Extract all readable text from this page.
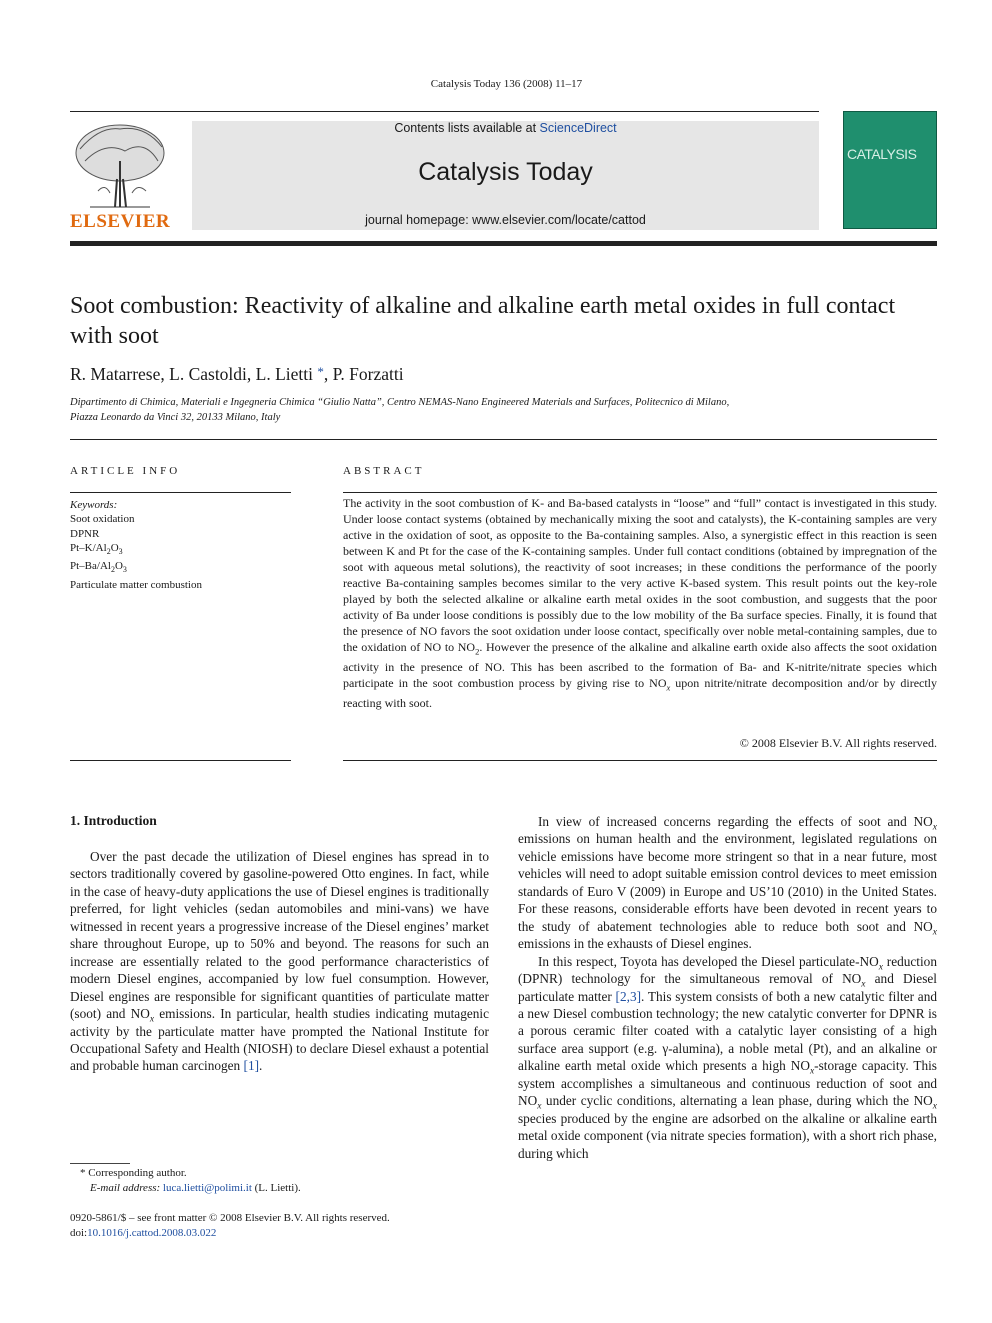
Catalysis Today 136 (2008) 11–17
Contents lists available at ScienceDirect
Catalysis Today
journal homepage: www.elsevier.com/locate/cattod
ELSEVIER
CATALYSIS
Soot combustion: Reactivity of alkaline and alkaline earth metal oxides in full contact with soot
R. Matarrese, L. Castoldi, L. Lietti *, P. Forzatti
Dipartimento di Chimica, Materiali e Ingegneria Chimica “Giulio Natta”, Centro NEMAS-Nano Engineered Materials and Surfaces, Politecnico di Milano,
Piazza Leonardo da Vinci 32, 20133 Milano, Italy
ARTICLE INFO
Keywords:
Soot oxidation
DPNR
$Pt-K/Al_2O_3$
$Pt-Ba/Al_2O_3$
Particulate matter combustion
ABSTRACT
The activity in the soot combustion of K- and Ba-based catalysts in “loose” and “full” contact is investigated in this study. Under loose contact systems (obtained by mechanically mixing the soot and catalysts), the K-containing samples are very active in the oxidation of soot, as opposite to the Ba-containing samples. Also, a synergistic effect in this reaction is seen between K and Pt for the case of the K-containing samples. Under full contact conditions (obtained by impregnation of the soot with aqueous metal solutions), the reactivity of soot increases; in these conditions the performance of the poorly reactive Ba-containing samples becomes similar to the very active K-based system. This result points out the key-role played by both the selected alkaline or alkaline earth metal oxides in the soot combustion, and suggests that the poor activity of Ba under loose conditions is possibly due to the low mobility of the Ba surface species. Finally, it is found that the presence of NO favors the soot oxidation under loose contact, specifically over noble metal-containing samples, due to the oxidation of NO to $NO_2$. However the presence of the alkaline and alkaline earth oxide also affects the soot oxidation activity in the presence of NO. This has been ascribed to the formation of Ba- and K-nitrite/nitrate species which participate in the soot combustion process by giving rise to $NO_x$ upon nitrite/nitrate decomposition and/or by directly reacting with soot.
© 2008 Elsevier B.V. All rights reserved.
1. Introduction

Over the past decade the utilization of Diesel engines has spread in to sectors traditionally covered by gasoline-powered Otto engines. In fact, while in the case of heavy-duty applications the use of Diesel engines is traditionally preferred, for light vehicles (sedan automobiles and mini-vans) we have witnessed in recent years a progressive increase of the Diesel engines’ market share throughout Europe, up to 50% and beyond. The reasons for such an increase are essentially related to the good performance characteristics of modern Diesel engines, accompanied by low fuel consumption. However, Diesel engines are responsible for significant quantities of particulate matter (soot) and $NO_x$ emissions. In particular, health studies indicating mutagenic activity by the particulate matter have prompted the National Institute for Occupational Safety and Health (NIOSH) to declare Diesel exhaust a potential and probable human carcinogen [1].

In view of increased concerns regarding the effects of soot and $NO_x$ emissions on human health and the environment, legislated regulations on vehicle emissions have become more stringent so that in a near future, most vehicles will need to adopt suitable emission control devices to meet emission standards of Euro V (2009) in Europe and US’10 (2010) in the United States. For these reasons, considerable efforts have been devoted in recent years to the study of abatement technologies able to reduce both soot and $NO_x$ emissions in the exhausts of Diesel engines.

In this respect, Toyota has developed the Diesel particulate-$NO_x$ reduction (DPNR) technology for the simultaneous removal of $NO_x$ and Diesel particulate matter [2,3]. This system consists of both a new catalytic filter and a new Diesel combustion technology; the new catalytic converter for DPNR is a porous ceramic filter coated with a catalytic layer consisting of a high surface area support (e.g. γ-alumina), a noble metal (Pt), and an alkaline or alkaline earth metal oxide which presents a high $NO_x$-storage capacity. This system accomplishes a simultaneous and continuous reduction of soot and $NO_x$ under cyclic conditions, alternating a lean phase, during which the $NO_x$ species produced by the engine are adsorbed on the alkaline or alkaline earth metal oxide component (via nitrate species formation), with a short rich phase, during which

* Corresponding author.
E-mail address: luca.lietti@polimi.it (L. Lietti).
0920-5861/$ – see front matter © 2008 Elsevier B.V. All rights reserved.
doi:10.1016/j.cattod.2008.03.022
